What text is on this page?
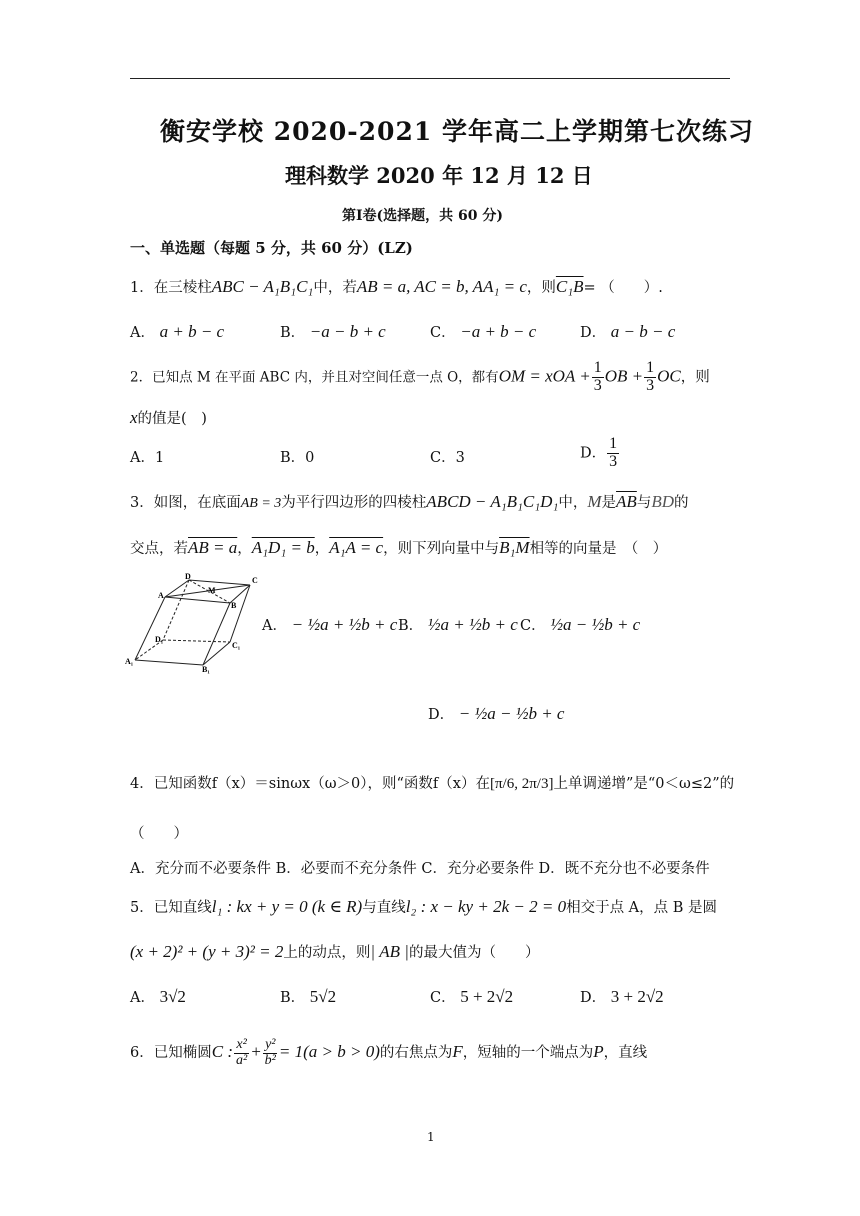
衡安学校 2020-2021 学年高二上学期第七次练习
理科数学 2020 年 12 月 12 日
第Ⅰ卷(选择题，共 60 分)
一、单选题（每题 5 分，共 60 分）(LZ)
1．在三棱柱ABC − A₁B₁C₁中，若AB = a, AC = b, AA₁ = c，则C₁B= （　　）.
A． a + b − c	B． −a − b + c	C． −a + b − c	D． a − b − c
2．已知点 M 在平面 ABC 内，并且对空间任意一点 O，都有OM = xOA + $\frac{1}{3}$ OB + $\frac{1}{3}$ OC，则
x的值是(　)
A．1	B．0	C．3	D． $\frac{1}{3}$
3．如图，在底面AB = 3为平行四边形的四棱柱ABCD − A₁B₁C₁D₁中，M是$\overline{AB}$与BD的
交点，若AB = a，A₁D₁ = b，A₁A = c，则下列向量中与B₁M相等的向量是　（　）
D
M
C
A
B
D₁
C₁
A₁
B₁
A． − ½a + ½b + c B． ½a + ½b + c C． ½a − ½b + c
D． − ½a − ½b + c
4．已知函数f（x）＝sinωx（ω＞0），则“函数f（x）在[π/6, 2π/3]上单调递增”是“0＜ω≤2”的
（　　）
A．充分而不必要条件 B．必要而不充分条件 C．充分必要条件 D．既不充分也不必要条件
5．已知直线l₁ : kx + y = 0 (k ∈ R)与直线l₂ : x − ky + 2k − 2 = 0相交于点 A，点 B 是圆
(x + 2)² + (y + 3)² = 2上的动点，则| AB |的最大值为（　　）
A． 3√2	B． 5√2	C． 5 + 2√2	D． 3 + 2√2
6．已知椭圆C : $\frac{\text{x²}}{\text{a²}} + \frac{\text{y²}}{\text{b²}} = 1(a > b > 0)$的右焦点为F，短轴的一个端点为P，直线
1
